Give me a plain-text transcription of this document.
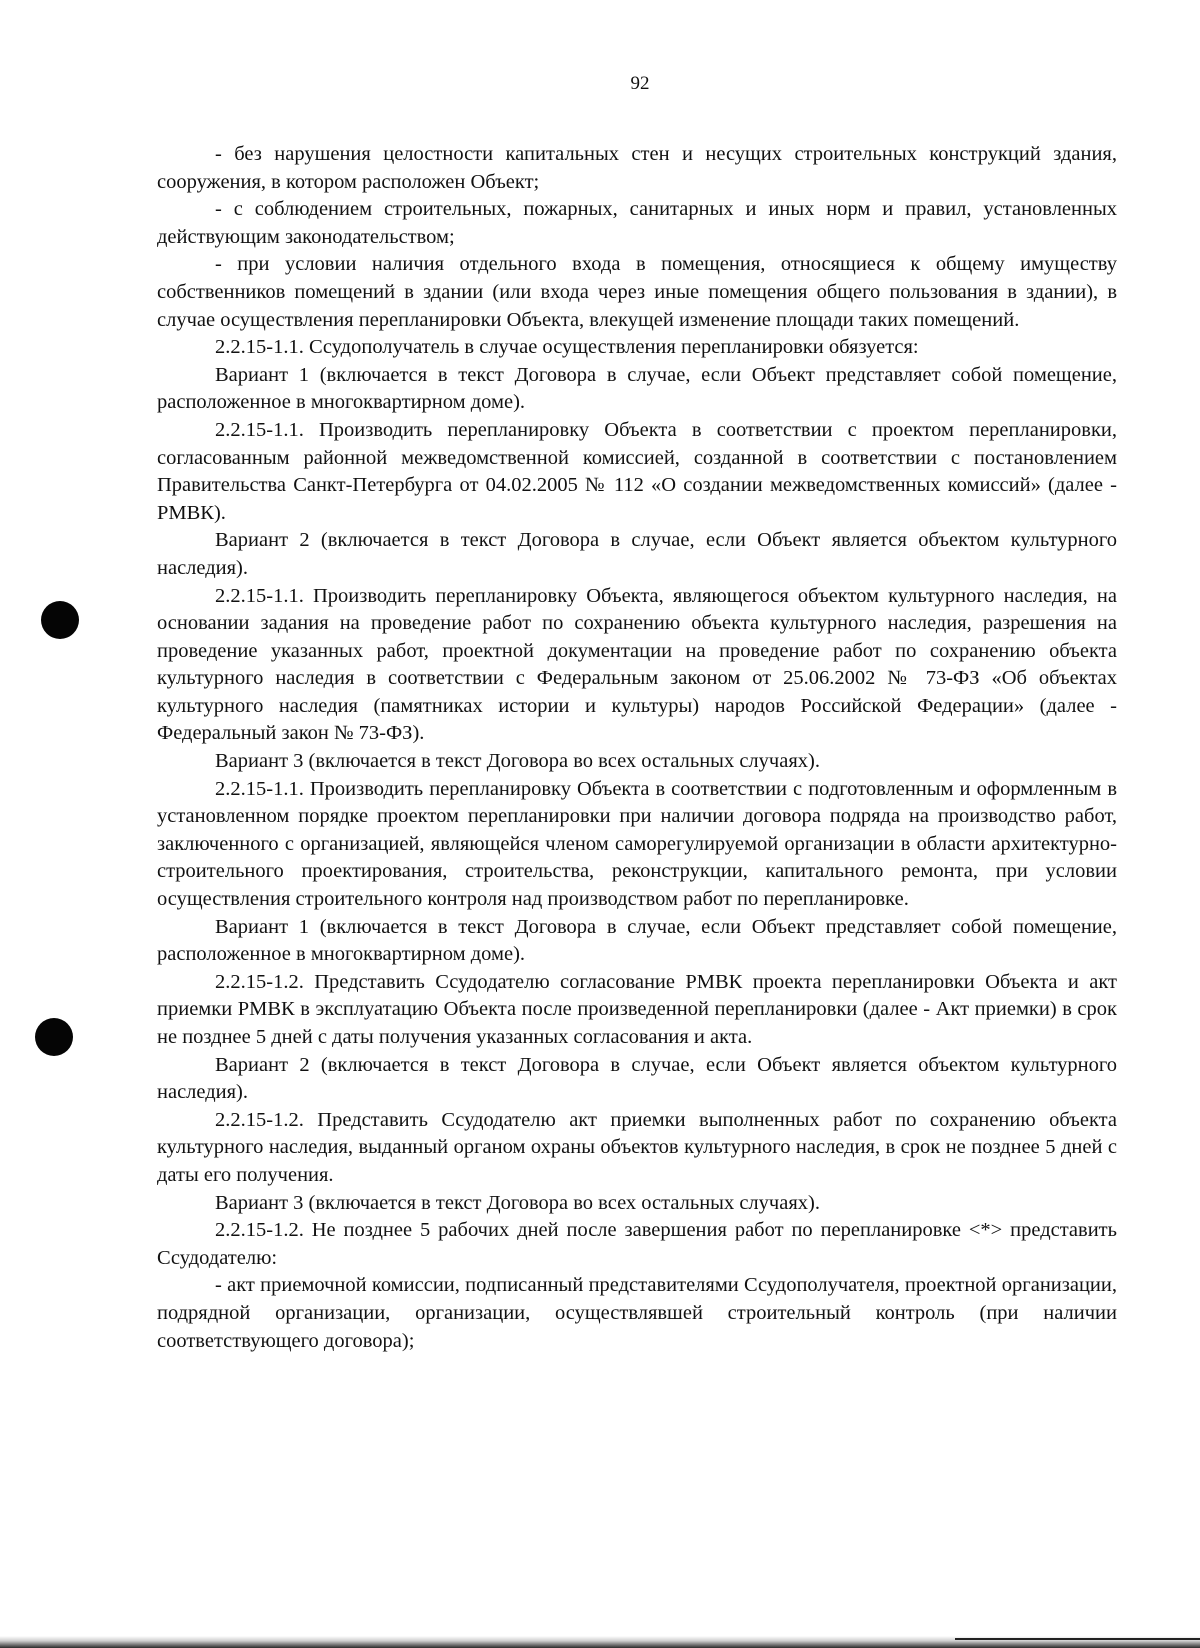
92

- без нарушения целостности капитальных стен и несущих строительных конструкций здания, сооружения, в котором расположен Объект;

- с соблюдением строительных, пожарных, санитарных и иных норм и правил, установленных действующим законодательством;

- при условии наличия отдельного входа в помещения, относящиеся к общему имуществу собственников помещений в здании (или входа через иные помещения общего пользования в здании), в случае осуществления перепланировки Объекта, влекущей изменение площади таких помещений.

2.2.15-1.1. Ссудополучатель в случае осуществления перепланировки обязуется:

Вариант 1 (включается в текст Договора в случае, если Объект представляет собой помещение, расположенное в многоквартирном доме).

2.2.15-1.1. Производить перепланировку Объекта в соответствии с проектом перепланировки, согласованным районной межведомственной комиссией, созданной в соответствии с постановлением Правительства Санкт-Петербурга от 04.02.2005 № 112 «О создании межведомственных комиссий» (далее - РМВК).

Вариант 2 (включается в текст Договора в случае, если Объект является объектом культурного наследия).

2.2.15-1.1. Производить перепланировку Объекта, являющегося объектом культурного наследия, на основании задания на проведение работ по сохранению объекта культурного наследия, разрешения на проведение указанных работ, проектной документации на проведение работ по сохранению объекта культурного наследия в соответствии с Федеральным законом от 25.06.2002 № 73-ФЗ «Об объектах культурного наследия (памятниках истории и культуры) народов Российской Федерации» (далее - Федеральный закон № 73-ФЗ).

Вариант 3 (включается в текст Договора во всех остальных случаях).

2.2.15-1.1. Производить перепланировку Объекта в соответствии с подготовленным и оформленным в установленном порядке проектом перепланировки при наличии договора подряда на производство работ, заключенного с организацией, являющейся членом саморегулируемой организации в области архитектурно-строительного проектирования, строительства, реконструкции, капитального ремонта, при условии осуществления строительного контроля над производством работ по перепланировке.

Вариант 1 (включается в текст Договора в случае, если Объект представляет собой помещение, расположенное в многоквартирном доме).

2.2.15-1.2. Представить Ссудодателю согласование РМВК проекта перепланировки Объекта и акт приемки РМВК в эксплуатацию Объекта после произведенной перепланировки (далее - Акт приемки) в срок не позднее 5 дней с даты получения указанных согласования и акта.

Вариант 2 (включается в текст Договора в случае, если Объект является объектом культурного наследия).

2.2.15-1.2. Представить Ссудодателю акт приемки выполненных работ по сохранению объекта культурного наследия, выданный органом охраны объектов культурного наследия, в срок не позднее 5 дней с даты его получения.

Вариант 3 (включается в текст Договора во всех остальных случаях).

2.2.15-1.2. Не позднее 5 рабочих дней после завершения работ по перепланировке <*> представить Ссудодателю:

- акт приемочной комиссии, подписанный представителями Ссудополучателя, проектной организации, подрядной организации, организации, осуществлявшей строительный контроль (при наличии соответствующего договора);
